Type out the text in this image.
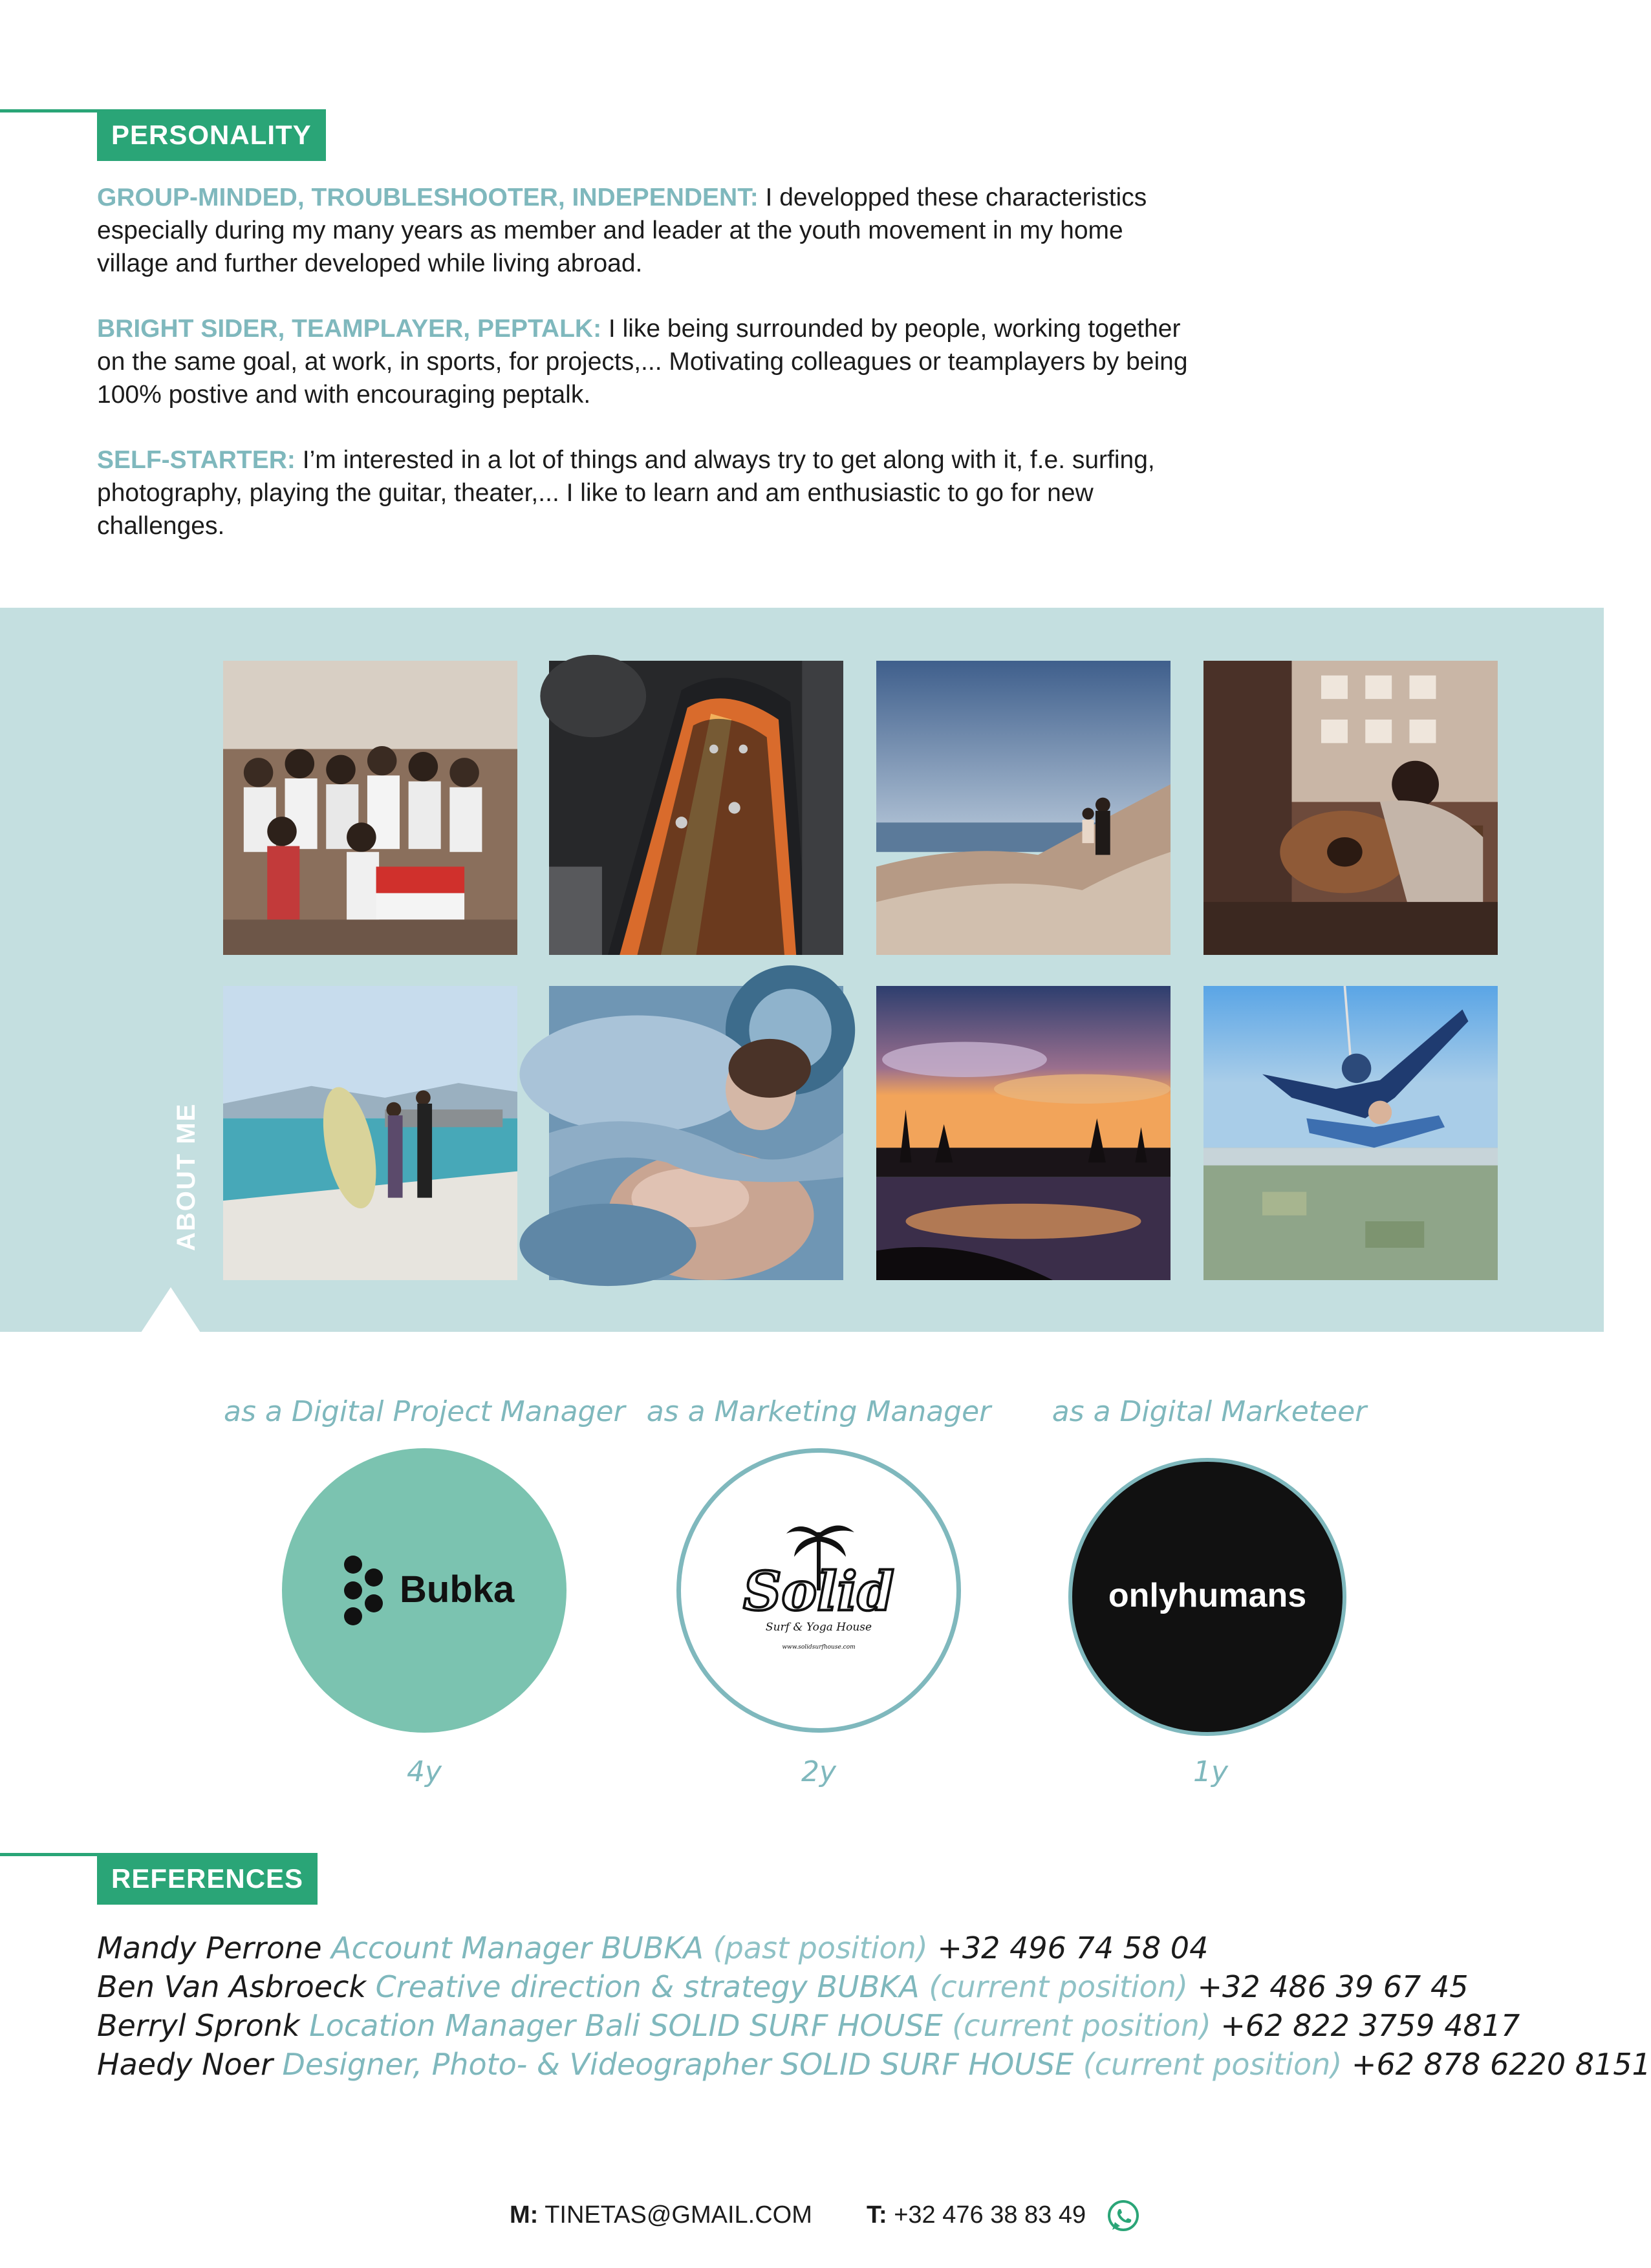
PERSONALITY

GROUP-MINDED, TROUBLESHOOTER, INDEPENDENT: I developped these characteristics especially during my many years as member and leader at the youth movement in my home village and further developed while living abroad.

BRIGHT SIDER, TEAMPLAYER, PEPTALK: I like being surrounded by people, working together on the same goal, at work, in sports, for projects,... Motivating colleagues or teamplayers by being 100% postive and with encouraging peptalk.

SELF-STARTER: I’m interested in a lot of things and always try to get along with it, f.e. surfing, photography, playing the guitar, theater,... I like to learn and am enthusiastic to go for new challenges.

ABOUT ME
as a Digital Project Manager as a Marketing Manager	as a Digital Marketeer
Bubka	Solid
Surf & Yoga House
www.solidsurfhouse.com
onlyhumans
4y	2y	1y
REFERENCES
Mandy Perrone Account Manager BUBKA (past position) +32 496 74 58 04
Ben Van Asbroeck Creative direction & strategy BUBKA (current position) +32 486 39 67 45
Berryl Spronk Location Manager Bali SOLID SURF HOUSE (current position) +62 822 3759 4817
Haedy Noer Designer, Photo- & Videographer SOLID SURF HOUSE (current position) +62 878 6220 8151
M: TINETAS@GMAIL.COM T: +32 476 38 83 49
